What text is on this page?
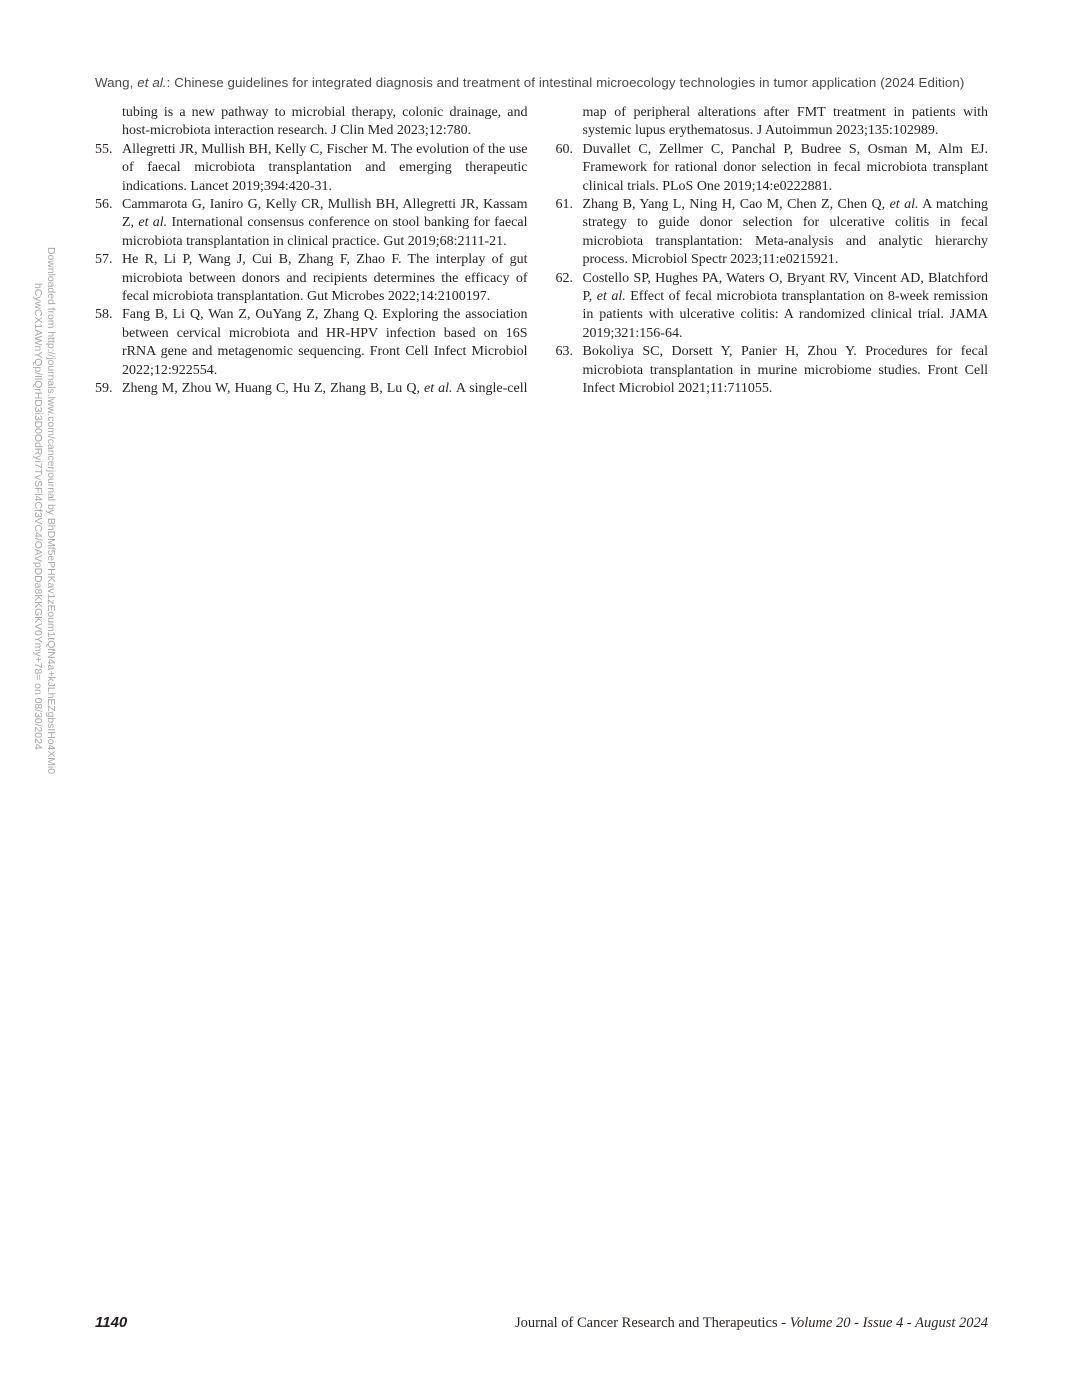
Wang, et al.: Chinese guidelines for integrated diagnosis and treatment of intestinal microecology technologies in tumor application (2024 Edition)
Downloaded from http://journals.lww.com/cancerjournal by BhDMf5ePHKav1zEoum1tQfN4a+kJLhEZgbsIHo4XMi0
hCywCX1AWnYQp/IlQrHD3i3D0OdRyi7TvSFl4Cf3VC4/OAVpDDa8KKGKV0Ymy+78= on 08/30/2024
tubing is a new pathway to microbial therapy, colonic drainage, and host-microbiota interaction research. J Clin Med 2023;12:780.
55. Allegretti JR, Mullish BH, Kelly C, Fischer M. The evolution of the use of faecal microbiota transplantation and emerging therapeutic indications. Lancet 2019;394:420-31.
56. Cammarota G, Ianiro G, Kelly CR, Mullish BH, Allegretti JR, Kassam Z, et al. International consensus conference on stool banking for faecal microbiota transplantation in clinical practice. Gut 2019;68:2111-21.
57. He R, Li P, Wang J, Cui B, Zhang F, Zhao F. The interplay of gut microbiota between donors and recipients determines the efficacy of fecal microbiota transplantation. Gut Microbes 2022;14:2100197.
58. Fang B, Li Q, Wan Z, OuYang Z, Zhang Q. Exploring the association between cervical microbiota and HR-HPV infection based on 16S rRNA gene and metagenomic sequencing. Front Cell Infect Microbiol 2022;12:922554.
59. Zheng M, Zhou W, Huang C, Hu Z, Zhang B, Lu Q, et al. A single-cell
map of peripheral alterations after FMT treatment in patients with systemic lupus erythematosus. J Autoimmun 2023;135:102989.
60. Duvallet C, Zellmer C, Panchal P, Budree S, Osman M, Alm EJ. Framework for rational donor selection in fecal microbiota transplant clinical trials. PLoS One 2019;14:e0222881.
61. Zhang B, Yang L, Ning H, Cao M, Chen Z, Chen Q, et al. A matching strategy to guide donor selection for ulcerative colitis in fecal microbiota transplantation: Meta-analysis and analytic hierarchy process. Microbiol Spectr 2023;11:e0215921.
62. Costello SP, Hughes PA, Waters O, Bryant RV, Vincent AD, Blatchford P, et al. Effect of fecal microbiota transplantation on 8-week remission in patients with ulcerative colitis: A randomized clinical trial. JAMA 2019;321:156-64.
63. Bokoliya SC, Dorsett Y, Panier H, Zhou Y. Procedures for fecal microbiota transplantation in murine microbiome studies. Front Cell Infect Microbiol 2021;11:711055.
1140	Journal of Cancer Research and Therapeutics - Volume 20 - Issue 4 - August 2024
